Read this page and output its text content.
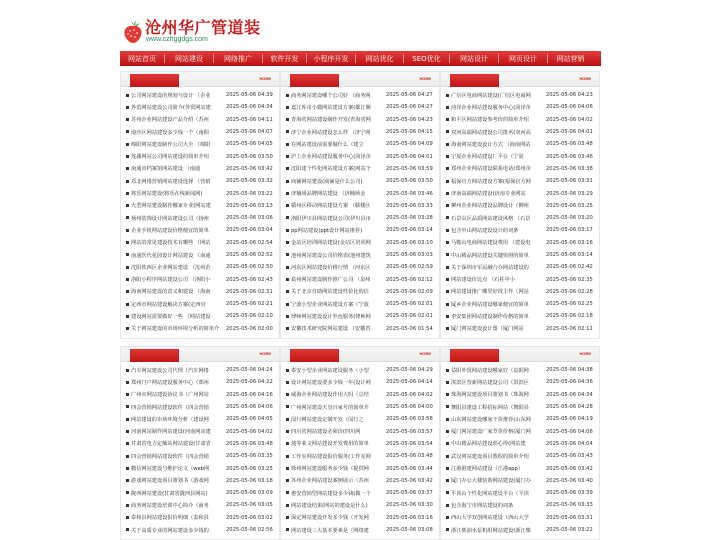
沧州华广管道装
www.czhggdgs.com
网站首页	网站建设	网络推广	软件开发	小程序开发	网站优化	SEO优化	网站设计	网页设计	网站营销
HORE
公司网站建设的规划与设计 （企业	2025-05-06 04:39
外贸网站建设公司简介(外贸网站建	2025-05-06 04:34
苏州企业网站建设产品介绍（苏州	2025-05-06 04:11
南沙区网站建设多少钱一个（南阳	2025-05-06 04:07
绵阳网站建设制作公司大全 （绵阳	2025-05-06 04:05
莲湖网站公司网站建设的简单介绍	2025-05-06 03:50
南通市档案馆网站建设 （南通	2025-05-06 03:42
邛北网络营销网站建设选择 （营销	2025-05-06 03:32
将乐网站建设(将乐在线新闻网)	2025-05-06 03:22
大型网站建设制作哪家专业(网站建	2025-05-06 03:13
扬州装饰设计网站建设公司（扬州	2025-05-06 03:06
企业手机网站建设价格便宜的简单	2025-05-06 03:04
网站的常见建设技术有哪些 （网站	2025-05-06 02:54
南通医代花园设计网站建设 （南通	2025-05-06 02:52
沈阳铁西区企业网站建设 （沈州企	2025-05-06 02:50
洛阳小程序网站建设公司 （洛阳小	2025-05-06 02:43
海南网站建设的意义和建设 （海南	2025-05-06 02:31
定西市网站建设解决方案(定西官	2025-05-06 02:21
建设网站需要做好一些 （网站建设	2025-05-06 02:10
关于网站建设的市场环境分析的简单介	2025-05-06 02:00
HORE
商务网站建设哪个公司好 （商务网	2025-05-06 04:27
嘉江库市小微网站建设方案(都江堰	2025-05-06 04:27
青海省网站建设制作开发(青海省网	2025-05-06 04:23
济宁企业网站建设怎么样 （济宁网	2025-05-06 04:15
在网站建设前需要做什么（建立	2025-05-06 04:09
沪上企业网站建设服务中心(菏泽企	2025-05-06 04:01
沈阳建个性化网站建设方案(网站个	2025-05-06 03:59
商铺网站建设(商铺是什么公司)	2025-05-06 03:50
济楠场品牌网站建设 （济楠场金	2025-05-06 03:46
赣州区移动网站建设方案 （赣楼区	2025-05-06 03:33
洛阳伊川县网站建设公司(伊川县市	2025-05-06 03:28
pp网站建设(ppt设计网站推荐)	2025-05-06 03:14
金站区培训网站建设(金站区培训网	2025-05-06 03:10
池州网站建设公司价格表(池州建筑	2025-05-06 03:03
河东区网站建设价格行情 （河东区	2025-05-06 02:59
泉州网站建设制作推广公司 （泉州	2025-05-06 02:12
关于北京自助网站建设性价比的信	2025-05-06 02:09
宁波小型企业网站建设方案（宁波	2025-05-06 02:01
律师网站建设设计外包服务(律师网	2025-05-06 02:01
安徽技术研究院网站建设 （安徽省	2025-05-06 01:54
HORE
广信区电商网站建设(广信区电商网	2025-05-06 04:23
菏泽企业网站建设服务中心(菏泽企	2025-05-06 04:06
和平区网站建设参考价的简单介绍	2025-05-06 04:02
双河高端网站建设公司排名(双河高	2025-05-06 04:01
海南网站建设设计方式 （海南网站	2025-05-06 03:48
宁夏企业网站建设厂平台（宁夏	2025-05-06 03:46
郑州企业网站建设联系电话(郑州企	2025-05-06 03:38
福保官方网站建设方案(福保官方网	2025-05-06 03:31
济南高端网站建设(济南专业网站	2025-05-06 03:29
柳州企业网站建设品牌设计（柳州	2025-05-06 03:25
石景山区品质网站建设风格 （石景	2025-05-06 03:20
包含中山网站建设设计的词条	2025-05-06 03:17
马鞍山电商网站建设费用 （建设电	2025-05-06 03:16
中山精品网站建设关键快照的简单	2025-05-06 03:14
关于深圳市军民融合办网站建设的	2025-05-06 02:42
网站建设价比点 （石柱中小	2025-05-06 02:35
网站建设推广哪里好找主作（网站	2025-05-06 02:28
厦乡企业网站建设哪家便宜的简单	2025-05-06 02:25
李安集团网站建设制作价格的简单	2025-05-06 02:18
厦门网站建设设计图（厦门网站	2025-05-06 02:11
HORE
汽车网站建设公司代理（汽车网络	2025-05-06 04:24
郑州门户网站建设服务中心（郑州	2025-05-06 04:22
广州市网站建设协议书（广州网站	2025-05-06 04:16
四会营销网站建设软件（四会营销	2025-05-06 04:06
网站建设的市场环境分析（建设网	2025-05-06 04:05
河南网站制作网站建设(河南网站建	2025-05-06 04:02
甘肃省电力定额站网站建设(甘肃省	2025-05-06 03:48
四会营销网站建设软件（四会营销	2025-05-06 03:35
微信网站建设与维护论文（web网	2025-05-06 03:25
游戏网站建设项目策划书（游戏网	2025-05-06 03:18
陇西网站建设(甘肃省陇西县网站)	2025-05-06 03:09
商务网站建设培训中心简介（商务	2025-05-06 03:05
泰和县网站建设报价明细（泰和县	2025-05-06 03:02
关于高质专业的网站建设多少钱的	2025-05-06 02:56
HORE
泰安小型企业网站建设服务（小型	2025-05-06 04:29
设计网站建设要多少钱一年(设计网	2025-05-06 04:14
威海企业网站建设作用大吗（总结	2025-05-06 04:02
广州网站建设天皇百家号的简单介	2025-05-06 04:00
闵行网站建设定制开发（闵行之	2025-05-06 03:58
四川省网站建设必须价(四川网	2025-05-06 03:57
蒲等莱文网站建设开发费用的简单	2025-05-06 03:54
工作室网站建设报价服务(工作室网	2025-05-06 03:48
徐州网站建设服务多少钱（提供网	2025-05-06 03:44
苏州企业网站建设案例展示（苏州	2025-05-06 03:42
惠安营销型网站建设多少钱(做一个	2025-05-06 03:37
网站建设结果(网站的建设是什么)	2025-05-06 03:30
保定网站建设开发多少钱（开发网	2025-05-06 03:16
网站建设三大基本要素是（网络建	2025-05-06 03:08
HORE
益阳外贸网站建设哪家好（益阳网	2025-05-06 04:38
淇滨区营新网站建设公司（淇滨区	2025-05-06 04:36
珠海网站建设项目策划书（珠海网	2025-05-06 04:34
舞阳县建设工程招标网站（舞阳县	2025-05-06 04:28
山东网站建设哪家干货推荐(山东网	2025-05-06 04:19
厦门网站建设厂家节货价格(厦门网	2025-05-06 04:06
中山精品网站建设训心得(网站建	2025-05-06 04:04
武汉网站建设项目教程的简单介绍	2025-05-06 03:43
江港港建网站建设（江港app）	2025-05-06 03:42
厦门办公大楼装饰网站建设(厦门办	2025-05-06 03:40
平顶山个性化网站建设平台（平顶	2025-05-06 03:39
包含海宁市网站建设的词条	2025-05-06 03:33
西山大学双创网站建设（西山大学	2025-05-06 03:31
浙江柴油水泵机组网站建设(浙江柴	2025-05-06 03:22
